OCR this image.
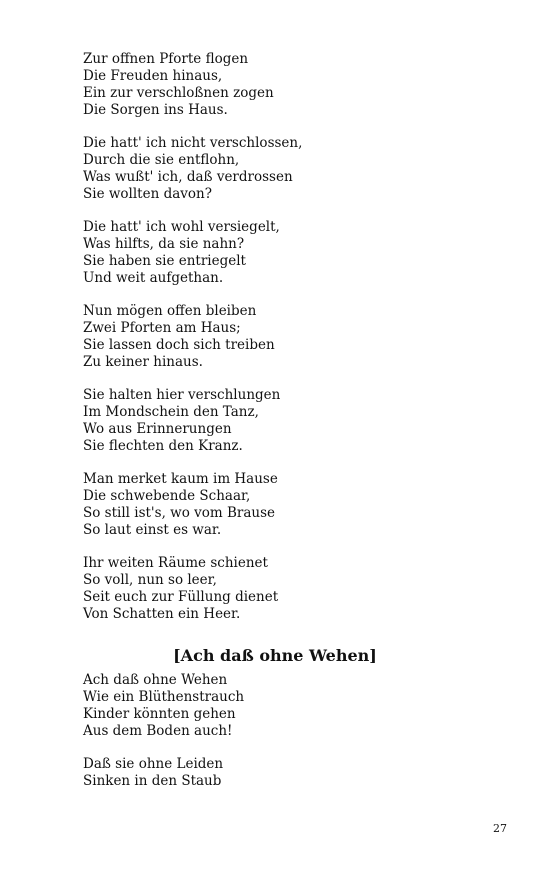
Zur offnen Pforte flogen
Die Freuden hinaus,
Ein zur verschloßnen zogen
Die Sorgen ins Haus.
Die hatt' ich nicht verschlossen,
Durch die sie entflohn,
Was wußt' ich, daß verdrossen
Sie wollten davon?
Die hatt' ich wohl versiegelt,
Was hilfts, da sie nahn?
Sie haben sie entriegelt
Und weit aufgethan.
Nun mögen offen bleiben
Zwei Pforten am Haus;
Sie lassen doch sich treiben
Zu keiner hinaus.
Sie halten hier verschlungen
Im Mondschein den Tanz,
Wo aus Erinnerungen
Sie flechten den Kranz.
Man merket kaum im Hause
Die schwebende Schaar,
So still ist's, wo vom Brause
So laut einst es war.
Ihr weiten Räume schienet
So voll, nun so leer,
Seit euch zur Füllung dienet
Von Schatten ein Heer.
[Ach daß ohne Wehen]
Ach daß ohne Wehen
Wie ein Blüthenstrauch
Kinder könnten gehen
Aus dem Boden auch!
Daß sie ohne Leiden
Sinken in den Staub
27
